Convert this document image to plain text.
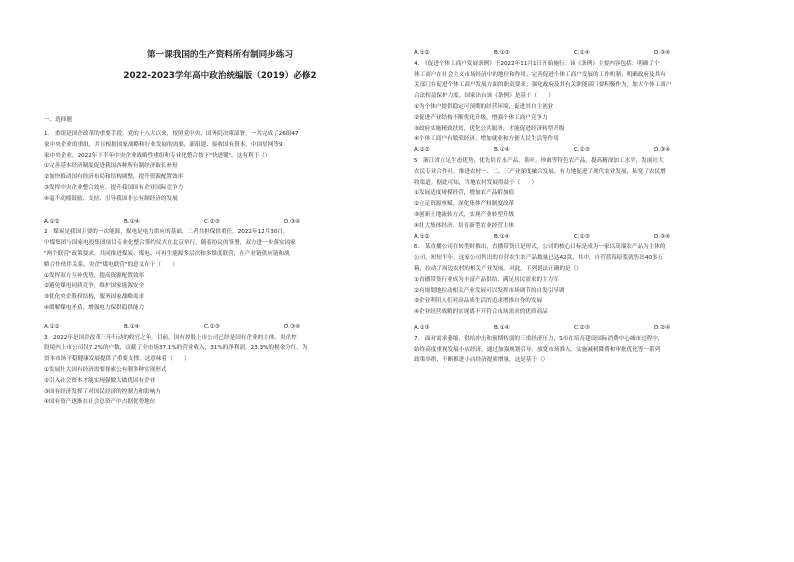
第一课我国的生产资料所有制同步练习
2022-2023学年高中政治统编版（2019）必修2
一、选择题

1.　重组是国企改革的重要手段。党的十八大以来，按照党中央、国务院决策部署，一共完成了26组47

家中央企业的重组，并且根据国家战略和行业发展的需要，新组建、接收国有资本，中国星网等9

家中央企业，2022年下半年中央企业战略性重组和专业化整合按下"快进键"。这有利于（）

①完善基本经济制度促进我国各种所有制经济取长补短

②加快推动国有经济布局和结构调整，提升资源配置效率

③发挥中央企业整合效应，提升我国国有企业国际竞争力

④毫不动摇鼓励、支持、引导我国非公有制经济的发展

A.①②	B.①④	C.②③	D.③④

2　煤炭是我国主要的一次能源，煤电是电力供应的基础，二者共担保供重任。2022年12月30日，

中煤集团与国家电投集团项目专业化整合签约仪式在北京举行。随着协议的签署，双方进一步落实国家

"两个联营"政策要求，共同推进煤炭、煤电、可再生能源多层次和多维度联营，在产业链供应链和战

略合作伙伴关系。央企"煤电联营"的意义在于（　　）

①发挥双方互补优势，提高资源配置效率

②避免煤电同质竞争，维护国家能源安全

③优化央企股权结构，服务国家战略需求

④缓解煤电矛盾，增强电力保供稳供能力

A.①②	B.①④	C.②③	D.③④

3　2022年是国企改革三年行动的收官之年。目前，国有控股上市公司已经是国有企业的主体。央企控

股境内上市公司仅7.2%的户数，贡献了全市场37.1%的营业收入，31%的净利润，23.3%的税金分红。为

资本市场平稳健康发展提供了重要支撑。这意味着（　　）

①发展壮大国有经济需要探索公有制多种实现形式

②引入社会资本才能实现强做大做优国有企业

③国有经济发挥了对国民经济的控制力和影响力

④国有资产逐渐在社会总资产中占据优势地位

A.①②	B.①③	C.②④	D.③④

4.　《促进个体工商户发展条例》于2022年11月1日开始施行。该《条例》主要内容包括：明确了个

体工商户在社会主义市场经济中的地位和作用；完善促进个体工商户发展的工作机制；明确政府及其有

关部门在促进个体工商户发展方面的职责要求；强化政府及其有关职能部门要积极作为，加大个体工商户

合法权益保护力度。国家出台该《条例》是基于（　　）

①为个体户提供稳定可预期的经营环境，促进其自主创业

②促进产业结构不断优化升级，增强个体工商户竞争力

③政府实施精致扶贫，优化公共服务，才能促进经济转型升级

④个体工商户有繁荣经济、增加就业和方便人民生活等作用

A.①②	B.①④	C.②③	D.③④

5　浙江省立足生态优势，优先培育水产品、茶叶、珍禽等特色农产品，提高精深加工水平，发展壮大

农民专业合作社，推进农村一、二、三产业深度融合发展，有力地促进了现代农业发展，拓宽了农民增

收渠道。据此可知，当地农村发展得益于（　　）

①发展适度规模经营，增加农产品附加值

②立足资源禀赋，深化集体产权制度改革

③创新土地流转方式，实现产业转型升级

④壮大集体经济，培育新型农业经营主体

A.①②	B.①④	C.②③	D.③④

6.　某直播公司在转型时推出，直播带货只是形式，公司的核心目标是成为一家以高端农产品为主体的

公司。短短半年，这家公司售出的自营农生农产品数量已达42款，其中，自营蓝莓原浆就售出40多万

箱，拉动了周边农村的相关产业发展。对此，下列说法正确的是（）

①直播带货行业成为丰富产品供给、满足居民需求的主力军

②有规划地拉动相关产业发展可以发挥市场调节的自发引导调

③企业利用人们对高品质生活的追求增推自身的发展

④企业经营战略的实现离不开符合市场需求的优质商品

A.①③	B.①④	C.②③	D.②④

7.　面对需求萎缩、供给冲击和预期转弱的三重经济压力，S市在培育建设国际消费中心城市过程中，

始终高度重视发展小店经济，通过加强规划引导、放宽市场准入、实施减税降费和审批优化等一系列

政策举措，不断推进小店经济提质增量。这是基于（）
